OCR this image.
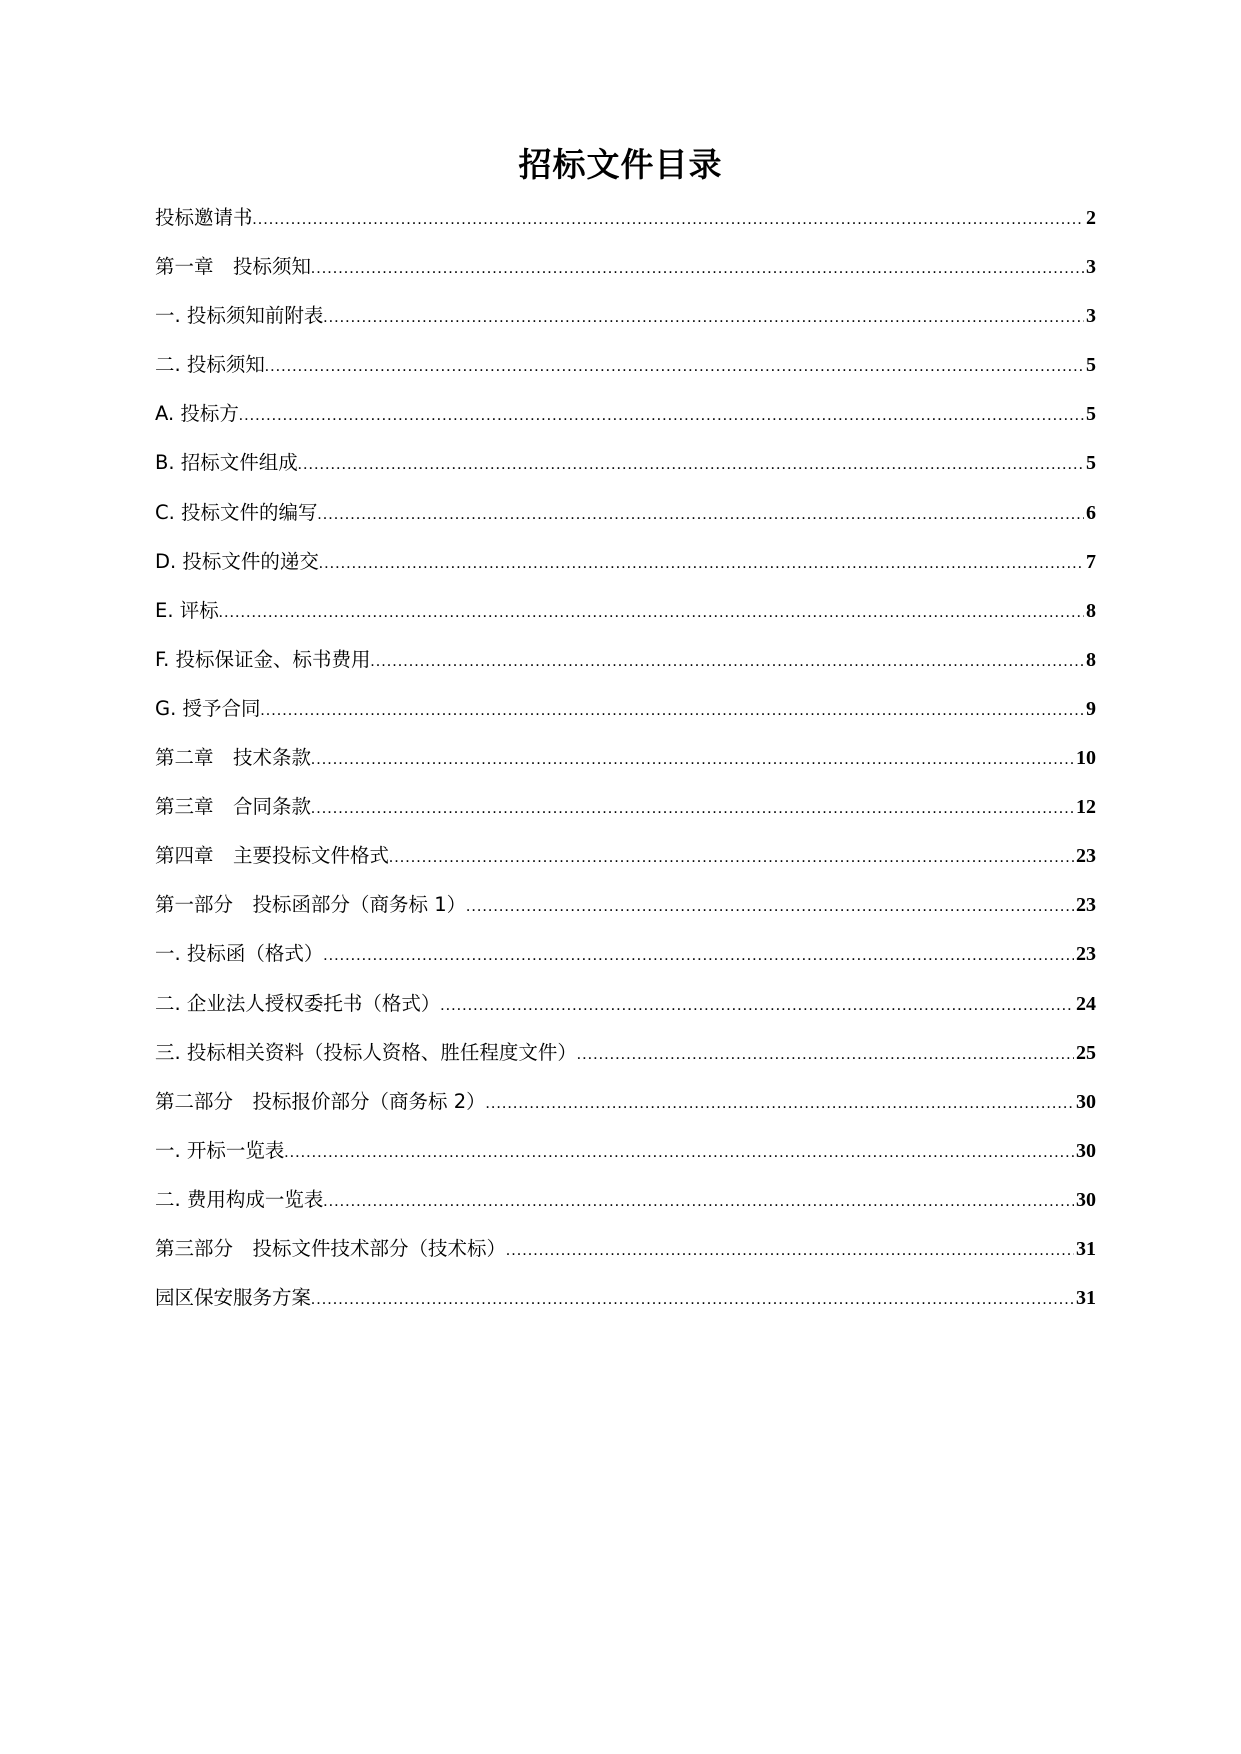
招标文件目录
投标邀请书 .....	2
第一章　投标须知 .....	3
一. 投标须知前附表 .....	3
二. 投标须知 .....	5
A. 投标方 .....	5
B. 招标文件组成 .....	5
C. 投标文件的编写 .....	6
D. 投标文件的递交 .....	7
E. 评标 .....	8
F. 投标保证金、标书费用 .....	8
G. 授予合同 .....	9
第二章　技术条款 .....	10
第三章　合同条款 .....	12
第四章　主要投标文件格式 .....	23
第一部分　投标函部分（商务标 1） .....	23
一. 投标函（格式） .....	23
二. 企业法人授权委托书（格式） .....	24
三. 投标相关资料（投标人资格、胜任程度文件） .....	25
第二部分　投标报价部分（商务标 2） .....	30
一. 开标一览表 .....	30
二. 费用构成一览表 .....	30
第三部分　投标文件技术部分（技术标） .....	31
园区保安服务方案 .....	31
